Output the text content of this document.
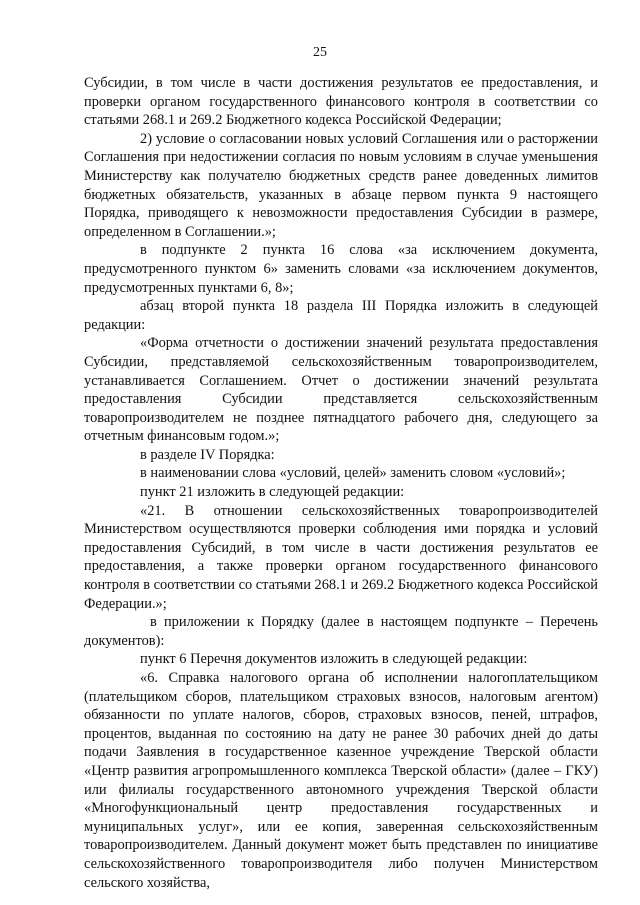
25

Субсидии, в том числе в части достижения результатов ее предоставления, и проверки органом государственного финансового контроля в соответствии со статьями 268.1 и 269.2 Бюджетного кодекса Российской Федерации;

2) условие о согласовании новых условий Соглашения или о расторжении Соглашения при недостижении согласия по новым условиям в случае уменьшения Министерству как получателю бюджетных средств ранее доведенных лимитов бюджетных обязательств, указанных в абзаце первом пункта 9 настоящего Порядка, приводящего к невозможности предоставления Субсидии в размере, определенном в Соглашении.»;

в подпункте 2 пункта 16 слова «за исключением документа, предусмотренного пунктом 6» заменить словами «за исключением документов, предусмотренных пунктами 6, 8»;

абзац второй пункта 18 раздела III Порядка изложить в следующей редакции:

«Форма отчетности о достижении значений результата предоставления Субсидии, представляемой сельскохозяйственным товаропроизводителем, устанавливается Соглашением. Отчет о достижении значений результата предоставления Субсидии представляется сельскохозяйственным товаропроизводителем не позднее пятнадцатого рабочего дня, следующего за отчетным финансовым годом.»;

в разделе IV Порядка:

в наименовании слова «условий, целей» заменить словом «условий»;

пункт 21 изложить в следующей редакции:

«21. В отношении сельскохозяйственных товаропроизводителей Министерством осуществляются проверки соблюдения ими порядка и условий предоставления Субсидий, в том числе в части достижения результатов ее предоставления, а также проверки органом государственного финансового контроля в соответствии со статьями 268.1 и 269.2 Бюджетного кодекса Российской Федерации.»;

в приложении к Порядку (далее в настоящем подпункте – Перечень документов):

пункт 6 Перечня документов изложить в следующей редакции:

«6. Справка налогового органа об исполнении налогоплательщиком (плательщиком сборов, плательщиком страховых взносов, налоговым агентом) обязанности по уплате налогов, сборов, страховых взносов, пеней, штрафов, процентов, выданная по состоянию на дату не ранее 30 рабочих дней до даты подачи Заявления в государственное казенное учреждение Тверской области «Центр развития агропромышленного комплекса Тверской области» (далее – ГКУ) или филиалы государственного автономного учреждения Тверской области «Многофункциональный центр предоставления государственных и муниципальных услуг», или ее копия, заверенная сельскохозяйственным товаропроизводителем. Данный документ может быть представлен по инициативе сельскохозяйственного товаропроизводителя либо получен Министерством сельского хозяйства,
